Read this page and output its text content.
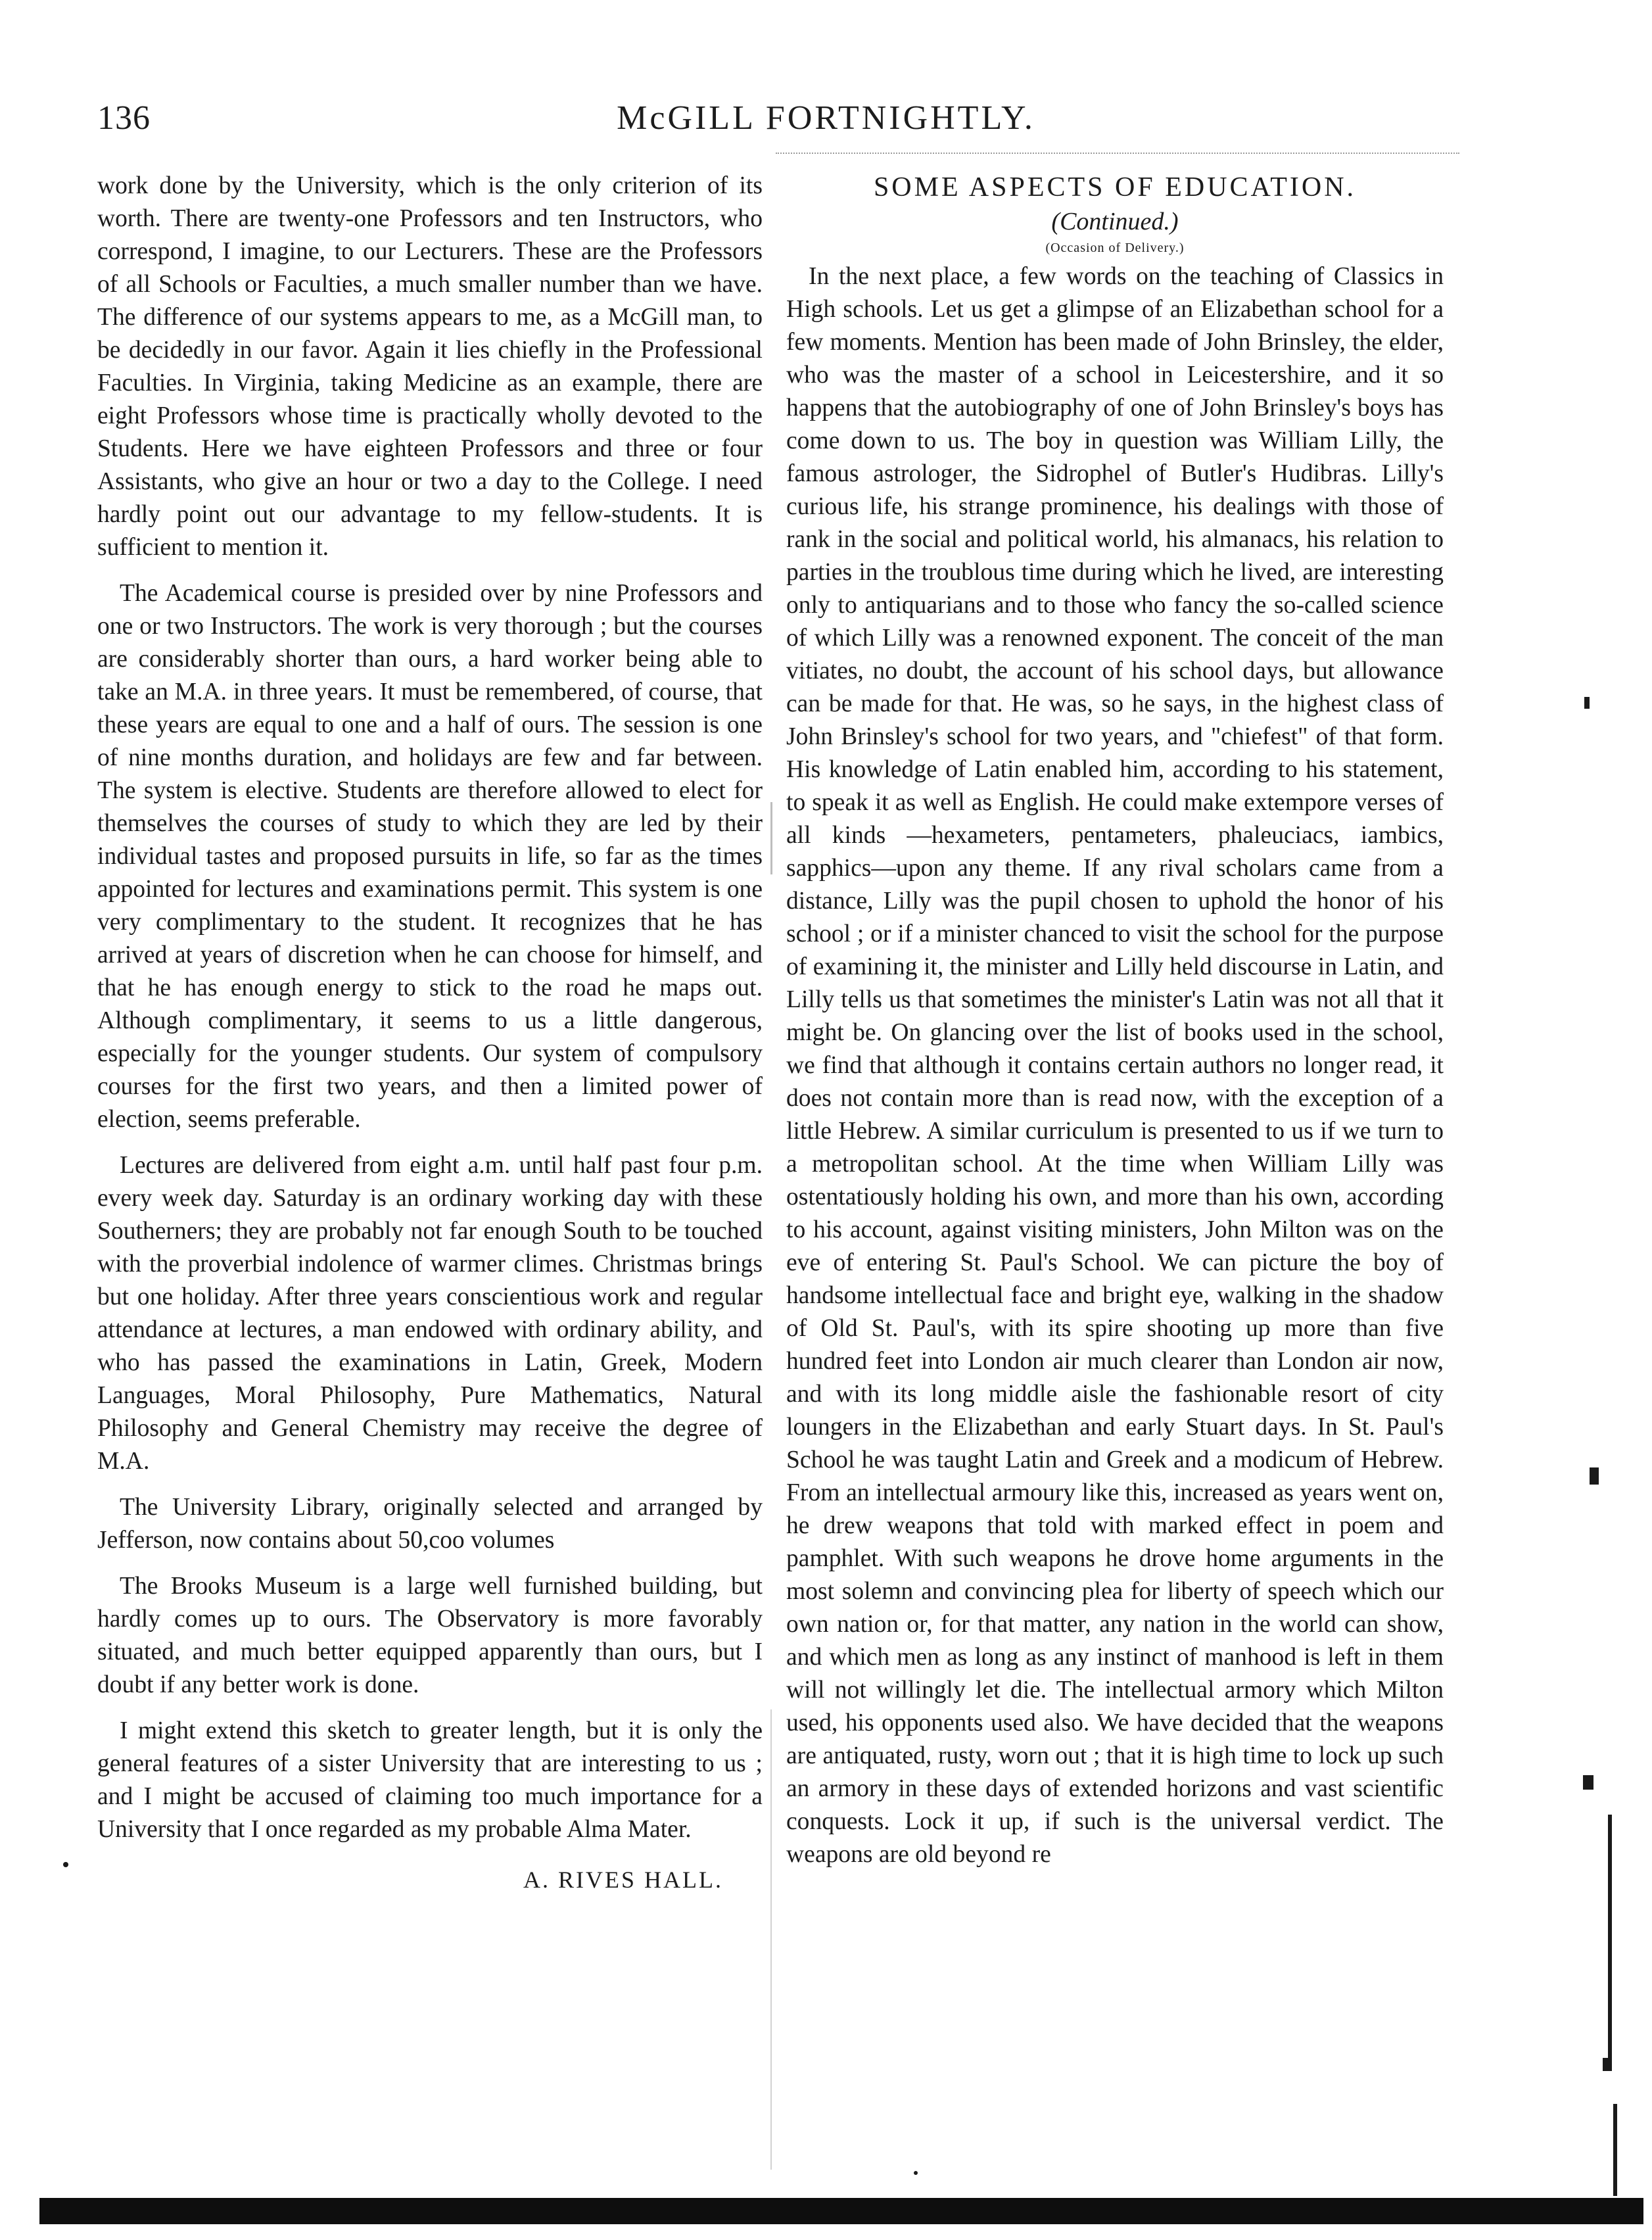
136	McGILL FORTNIGHTLY.

work done by the University, which is the only criterion of its worth. There are twenty-one Professors and ten Instructors, who correspond, I imagine, to our Lecturers. These are the Professors of all Schools or Faculties, a much smaller number than we have. The difference of our systems appears to me, as a McGill man, to be decidedly in our favor. Again it lies chiefly in the Professional Faculties. In Virginia, taking Medicine as an example, there are eight Professors whose time is practically wholly devoted to the Students. Here we have eighteen Professors and three or four Assistants, who give an hour or two a day to the College. I need hardly point out our advantage to my fellow-students. It is sufficient to mention it.

The Academical course is presided over by nine Professors and one or two Instructors. The work is very thorough ; but the courses are considerably shorter than ours, a hard worker being able to take an M.A. in three years. It must be remembered, of course, that these years are equal to one and a half of ours. The session is one of nine months duration, and holidays are few and far between. The system is elective. Students are therefore allowed to elect for themselves the courses of study to which they are led by their individual tastes and proposed pursuits in life, so far as the times appointed for lectures and examinations permit. This system is one very complimentary to the student. It recognizes that he has arrived at years of discretion when he can choose for himself, and that he has enough energy to stick to the road he maps out. Although complimentary, it seems to us a little dangerous, especially for the younger students. Our system of compulsory courses for the first two years, and then a limited power of election, seems preferable.

Lectures are delivered from eight a.m. until half past four p.m. every week day. Saturday is an ordinary working day with these Southerners; they are probably not far enough South to be touched with the proverbial indolence of warmer climes. Christmas brings but one holiday. After three years conscientious work and regular attendance at lectures, a man endowed with ordinary ability, and who has passed the examinations in Latin, Greek, Modern Languages, Moral Philosophy, Pure Mathematics, Natural Philosophy and General Chemistry may receive the degree of M.A.

The University Library, originally selected and arranged by Jefferson, now contains about 50,coo volumes

The Brooks Museum is a large well furnished building, but hardly comes up to ours. The Observatory is more favorably situated, and much better equipped apparently than ours, but I doubt if any better work is done.

I might extend this sketch to greater length, but it is only the general features of a sister University that are interesting to us ; and I might be accused of claiming too much importance for a University that I once regarded as my probable Alma Mater.

A. RIVES HALL.
SOME ASPECTS OF EDUCATION.
(Continued.)
(Occasion of Delivery.)

In the next place, a few words on the teaching of Classics in High schools. Let us get a glimpse of an Elizabethan school for a few moments. Mention has been made of John Brinsley, the elder, who was the master of a school in Leicestershire, and it so happens that the autobiography of one of John Brinsley's boys has come down to us. The boy in question was William Lilly, the famous astrologer, the Sidrophel of Butler's Hudibras. Lilly's curious life, his strange prominence, his dealings with those of rank in the social and political world, his almanacs, his relation to parties in the troublous time during which he lived, are interesting only to antiquarians and to those who fancy the so-called science of which Lilly was a renowned exponent. The conceit of the man vitiates, no doubt, the account of his school days, but allowance can be made for that. He was, so he says, in the highest class of John Brinsley's school for two years, and "chiefest" of that form. His knowledge of Latin enabled him, according to his statement, to speak it as well as English. He could make extempore verses of all kinds —hexameters, pentameters, phaleuciacs, iambics, sapphics—upon any theme. If any rival scholars came from a distance, Lilly was the pupil chosen to uphold the honor of his school ; or if a minister chanced to visit the school for the purpose of examining it, the minister and Lilly held discourse in Latin, and Lilly tells us that sometimes the minister's Latin was not all that it might be. On glancing over the list of books used in the school, we find that although it contains certain authors no longer read, it does not contain more than is read now, with the exception of a little Hebrew. A similar curriculum is presented to us if we turn to a metropolitan school. At the time when William Lilly was ostentatiously holding his own, and more than his own, according to his account, against visiting ministers, John Milton was on the eve of entering St. Paul's School. We can picture the boy of handsome intellectual face and bright eye, walking in the shadow of Old St. Paul's, with its spire shooting up more than five hundred feet into London air much clearer than London air now, and with its long middle aisle the fashionable resort of city loungers in the Elizabethan and early Stuart days. In St. Paul's School he was taught Latin and Greek and a modicum of Hebrew. From an intellectual armoury like this, increased as years went on, he drew weapons that told with marked effect in poem and pamphlet. With such weapons he drove home arguments in the most solemn and convincing plea for liberty of speech which our own nation or, for that matter, any nation in the world can show, and which men as long as any instinct of manhood is left in them will not willingly let die. The intellectual armory which Milton used, his opponents used also. We have decided that the weapons are antiquated, rusty, worn out ; that it is high time to lock up such an armory in these days of extended horizons and vast scientific conquests. Lock it up, if such is the universal verdict. The weapons are old beyond re
